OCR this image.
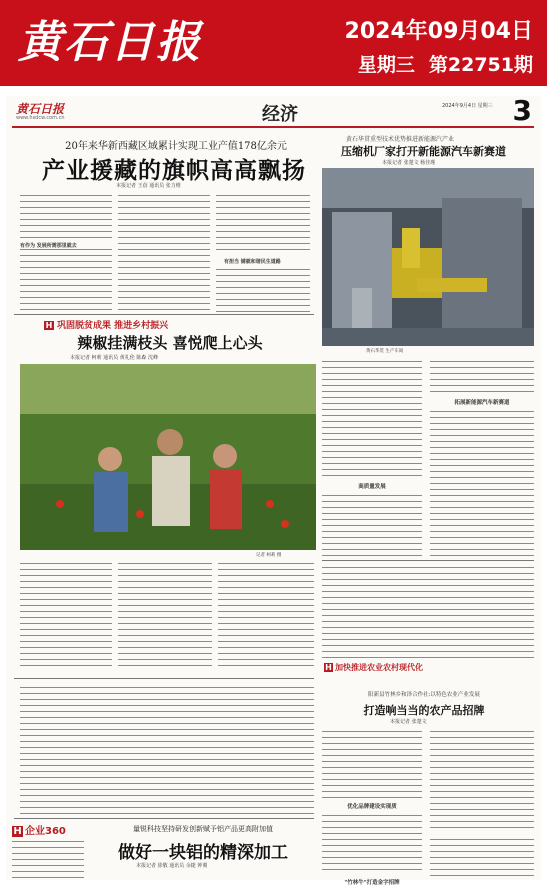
黄石日报	2024年09月04日
星期三 第22751期
黄石日报
www.hsdcw.com.cn	经济	2024年9月4日 星期三 3
20年来华新西藏区域累计实现工业产值178亿余元
产业援藏的旗帜高高飘扬
本报记者 王蓓 通讯员 张力维
有作为 发展所需那里就去
有担当 铺就和谐民生道路
黄石华贯重型技术优势推进新能源汽产业
压缩机厂家打开新能源汽车新赛道
本报记者 张楚文 杨佳瑾
黄石华贯 生产车间
拓展新能源汽车新赛道
高质量发展
H 巩固脱贫成果 推进乡村振兴
辣椒挂满枝头 喜悦爬上心头
本报记者 柯莉 通讯员 黄礼伦 陈森 沈峰
记者 柯莉 摄
H 加快推进农业农村现代化
阳新县竹林乡和泽合作社:以特色农业产业发展
打造响当当的农产品招牌
本报记者 张楚文
优化品牌建设实现质
"竹林牛"打造金字招牌
H 企业360	量锐科技坚持研发创新赋予铝产品更高附加值
做好一块铝的精深加工
本报记者 徐敬 通讯员 余捷 钟翼
